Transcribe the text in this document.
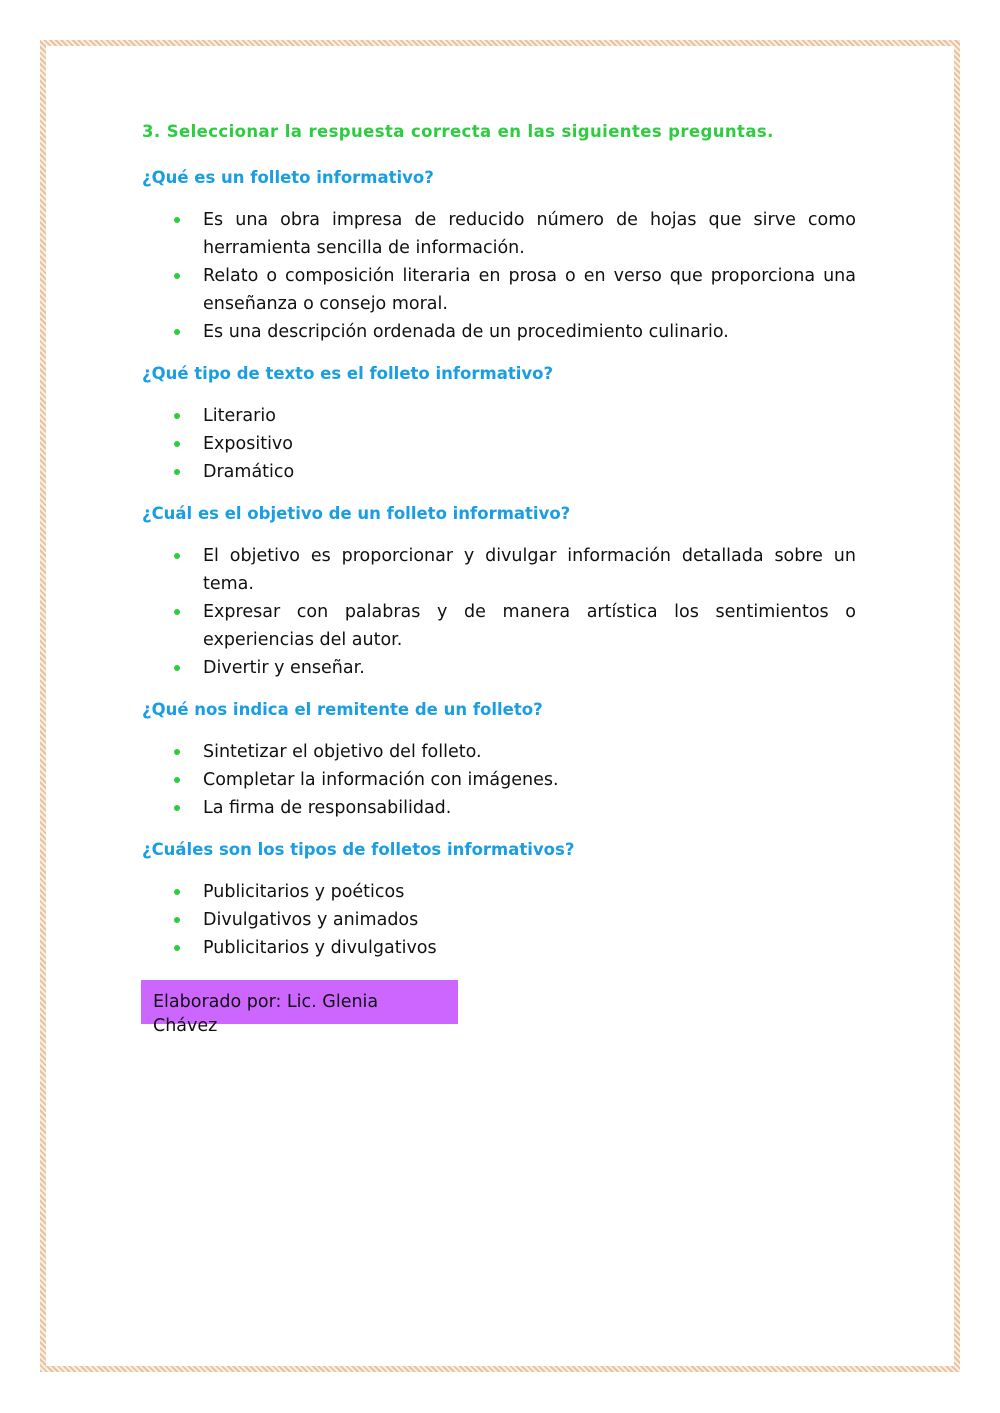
3. Seleccionar la respuesta correcta en las siguientes preguntas.
¿Qué es un folleto informativo?
Es una obra impresa de reducido número de hojas que sirve como herramienta sencilla de información.
Relato o composición literaria en prosa o en verso que proporciona una enseñanza o consejo moral.
Es una descripción ordenada de un procedimiento culinario.
¿Qué tipo de texto es el folleto informativo?
Literario
Expositivo
Dramático
¿Cuál es el objetivo de un folleto informativo?
El objetivo es proporcionar y divulgar información detallada sobre un tema.
Expresar con palabras y de manera artística los sentimientos o experiencias del autor.
Divertir y enseñar.
¿Qué nos indica el remitente de un folleto?
Sintetizar el objetivo del folleto.
Completar la información con imágenes.
La firma de responsabilidad.
¿Cuáles son los tipos de folletos informativos?
Publicitarios y poéticos
Divulgativos y animados
Publicitarios y divulgativos
Elaborado por: Lic. Glenia Chávez
